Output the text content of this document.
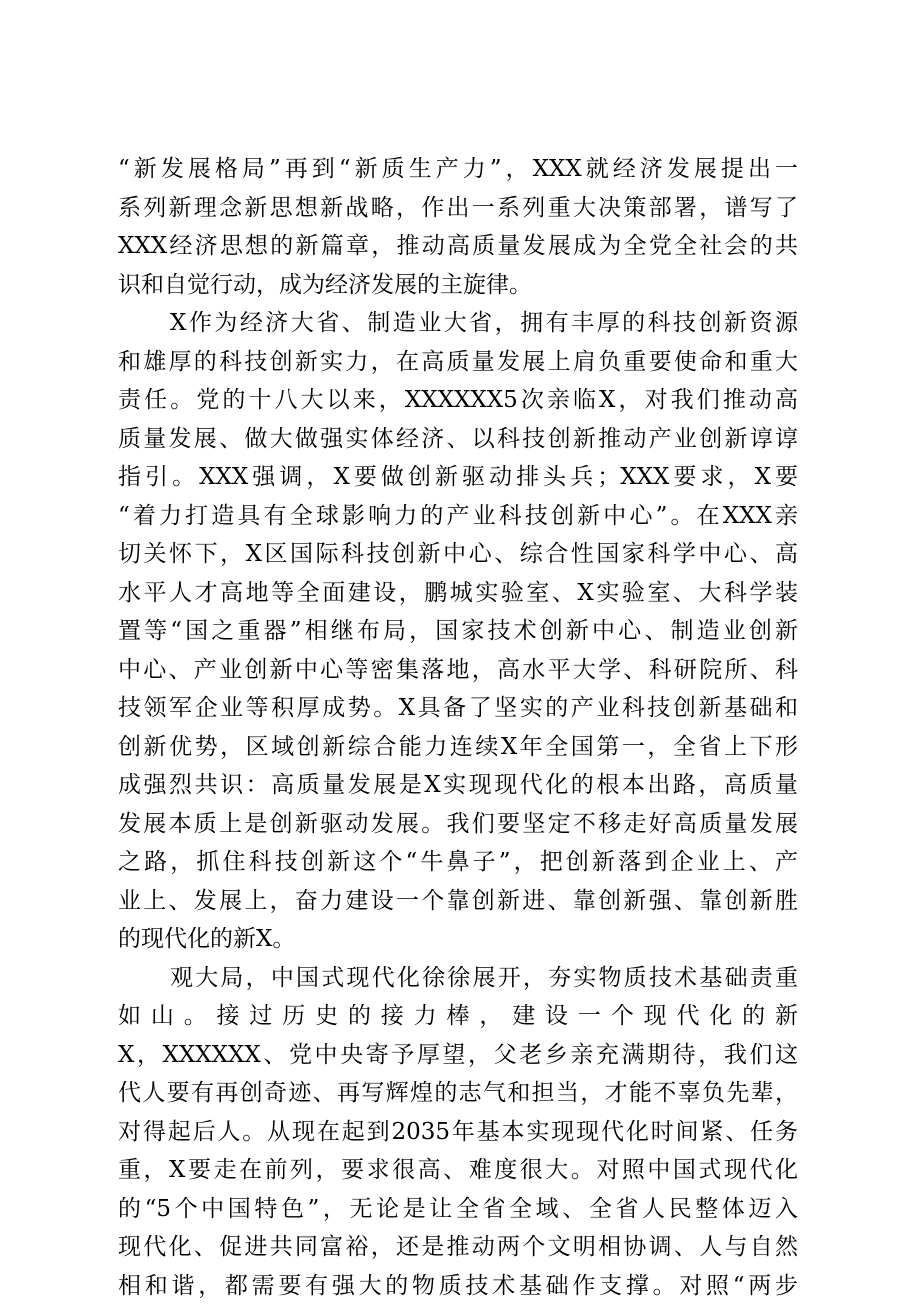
“新发展格局”再到“新质生产力”，XXX就经济发展提出一
系列新理念新思想新战略，作出一系列重大决策部署，谱写了
XXX经济思想的新篇章，推动高质量发展成为全党全社会的共
识和自觉行动，成为经济发展的主旋律。
X作为经济大省、制造业大省，拥有丰厚的科技创新资源
和雄厚的科技创新实力，在高质量发展上肩负重要使命和重大
责任。党的十八大以来，XXXXXX5次亲临X，对我们推动高
质量发展、做大做强实体经济、以科技创新推动产业创新谆谆
指引。XXX强调，X要做创新驱动排头兵；XXX要求，X要
“着力打造具有全球影响力的产业科技创新中心”。在XXX亲
切关怀下，X区国际科技创新中心、综合性国家科学中心、高
水平人才高地等全面建设，鹏城实验室、X实验室、大科学装
置等“国之重器”相继布局，国家技术创新中心、制造业创新
中心、产业创新中心等密集落地，高水平大学、科研院所、科
技领军企业等积厚成势。X具备了坚实的产业科技创新基础和
创新优势，区域创新综合能力连续X年全国第一，全省上下形
成强烈共识：高质量发展是X实现现代化的根本出路，高质量
发展本质上是创新驱动发展。我们要坚定不移走好高质量发展
之路，抓住科技创新这个“牛鼻子”，把创新落到企业上、产
业上、发展上，奋力建设一个靠创新进、靠创新强、靠创新胜
的现代化的新X。
观大局，中国式现代化徐徐展开，夯实物质技术基础责重
如山。接过历史的接力棒，建设一个现代化的新
X，XXXXXX、党中央寄予厚望，父老乡亲充满期待，我们这
代人要有再创奇迹、再写辉煌的志气和担当，才能不辜负先辈，
对得起后人。从现在起到2035年基本实现现代化时间紧、任务
重，X要走在前列，要求很高、难度很大。对照中国式现代化
的“5个中国特色”，无论是让全省全域、全省人民整体迈入
现代化、促进共同富裕，还是推动两个文明相协调、人与自然
相和谐，都需要有强大的物质技术基础作支撑。对照“两步
